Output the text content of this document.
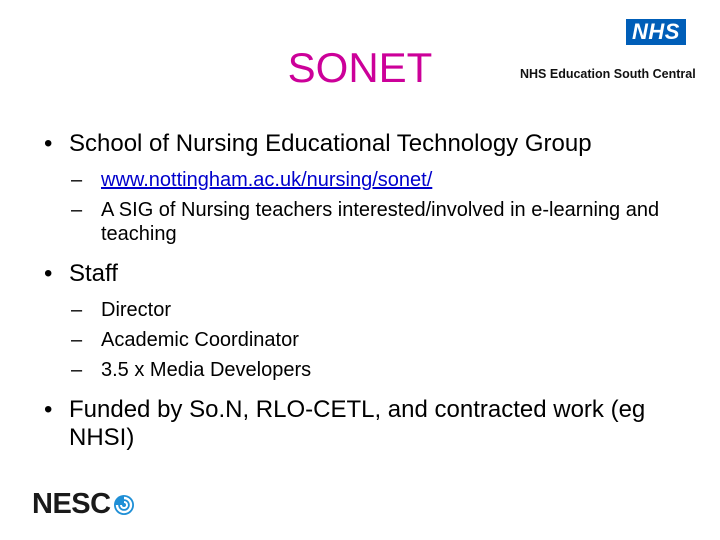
SONET
NHS
NHS Education South Central
• School of Nursing Educational Technology Group
– www.nottingham.ac.uk/nursing/sonet/
– A SIG of Nursing teachers interested/involved in e-learning and teaching
• Staff
– Director
– Academic Coordinator
– 3.5 x Media Developers
• Funded by So.N, RLO-CETL, and contracted work (eg NHSI)
NESC
